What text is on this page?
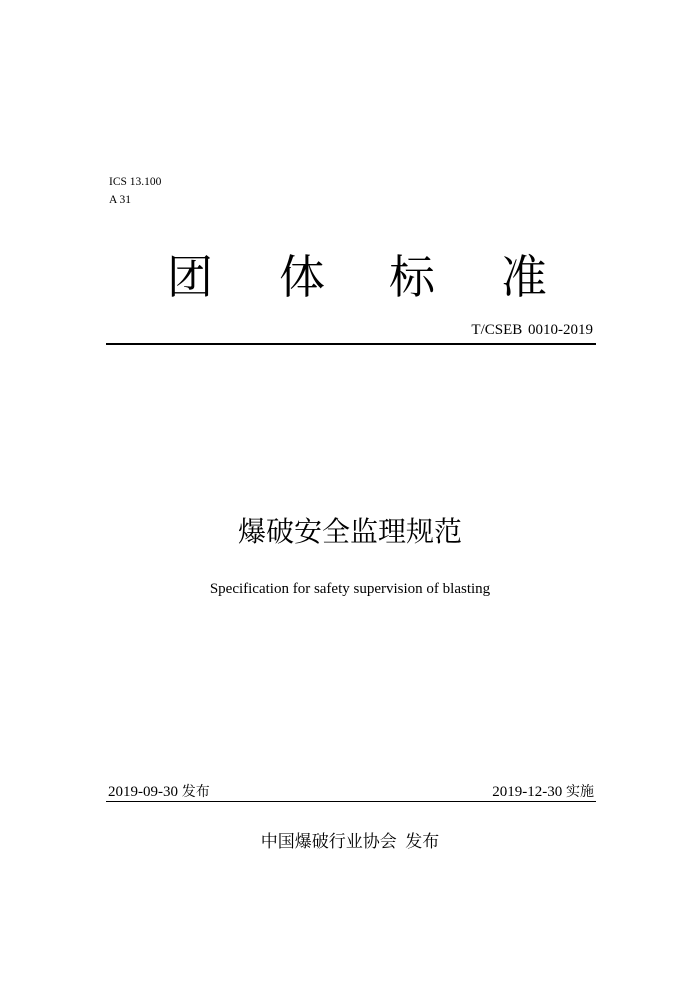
ICS 13.100
A 31
团 体 标 准
T/CSEB 0010-2019
爆破安全监理规范
Specification for safety supervision of blasting
2019-09-30 发布	2019-12-30 实施
中国爆破行业协会 发布
